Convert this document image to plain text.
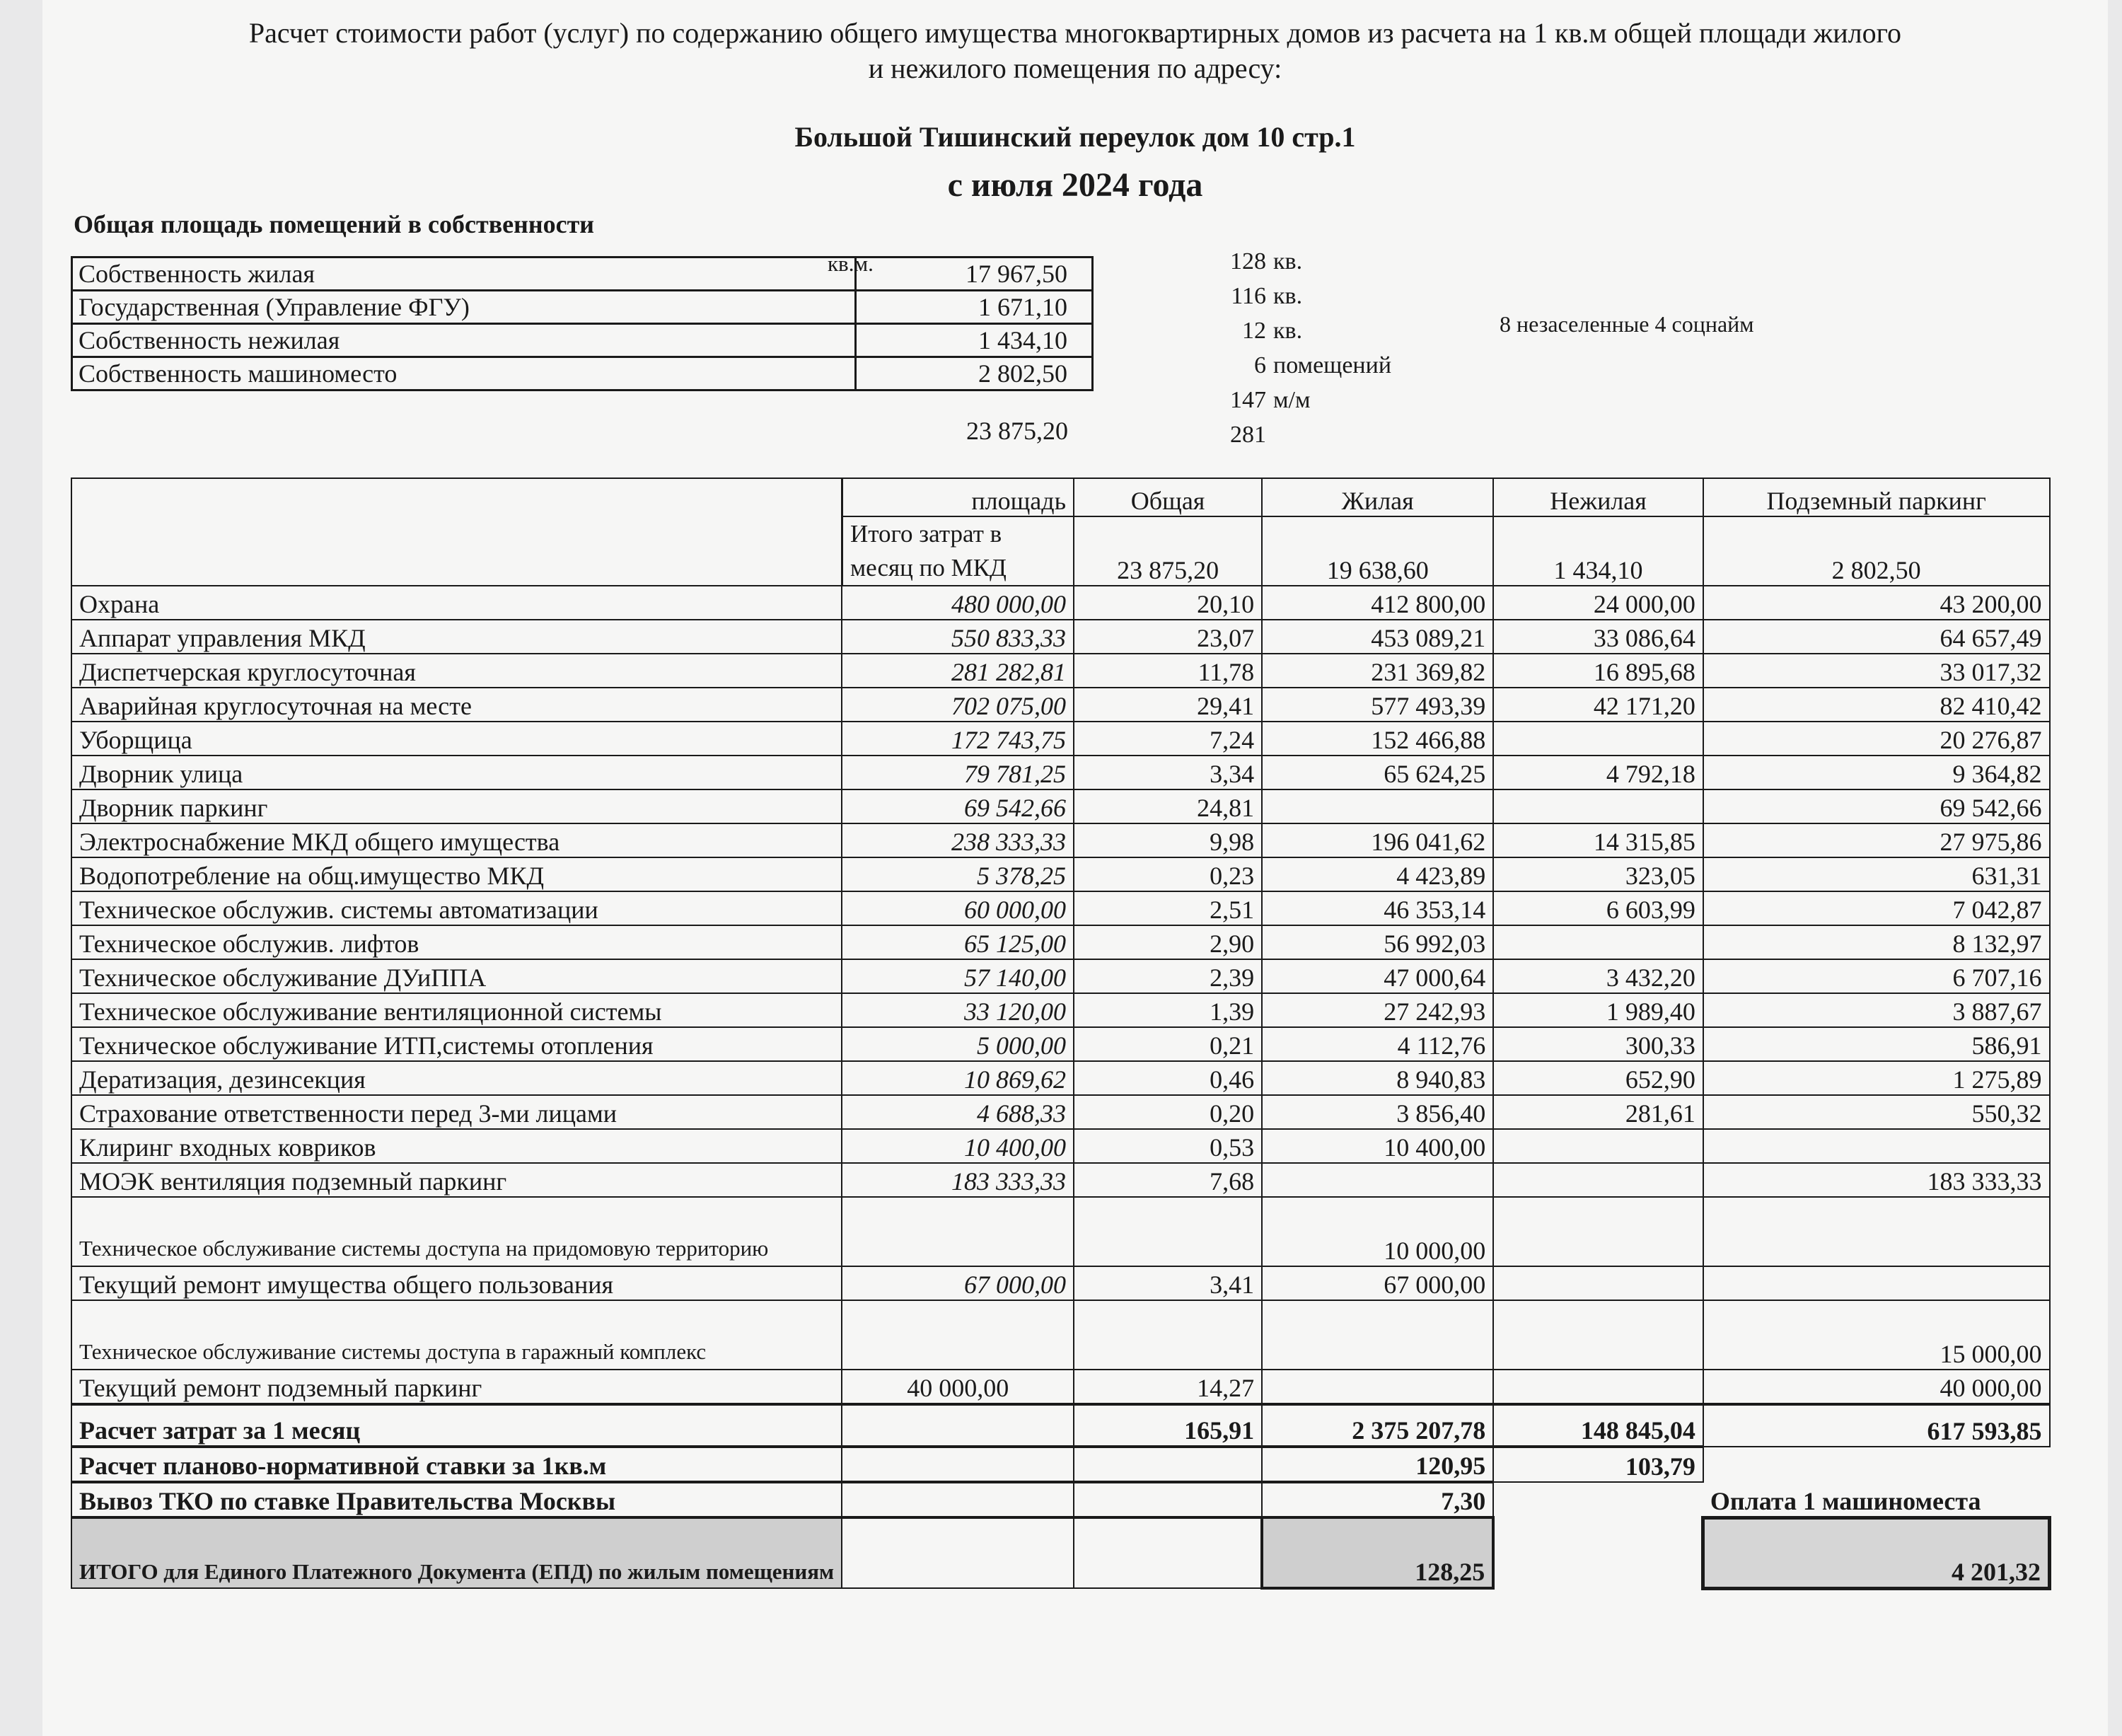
Расчет стоимости работ (услуг) по содержанию общего имущества многоквартирных домов из расчета на 1 кв.м общей площади жилого
и нежилого помещения по адресу:
Большой Тишинский переулок дом 10 стр.1
с июля 2024 года
Общая площадь помещений в собственности
кв.м.
Собственность жилая	17 967,50
Государственная (Управление ФГУ)	1 671,10
Собственность нежилая	1 434,10
Собственность машиноместо	2 802,50
23 875,20
128 кв.
116 кв.
12 кв.
6 помещений
147 м/м
281
8 незаселенные 4 соцнайм
	площадь	Общая	Жилая	Нежилая	Подземный паркинг
	Итого затрат в месяц по МКД	23 875,20	19 638,60	1 434,10	2 802,50
Охрана	480 000,00	20,10	412 800,00	24 000,00	43 200,00
Аппарат управления МКД	550 833,33	23,07	453 089,21	33 086,64	64 657,49
Диспетчерская круглосуточная	281 282,81	11,78	231 369,82	16 895,68	33 017,32
Аварийная круглосуточная на месте	702 075,00	29,41	577 493,39	42 171,20	82 410,42
Уборщица	172 743,75	7,24	152 466,88		20 276,87
Дворник улица	79 781,25	3,34	65 624,25	4 792,18	9 364,82
Дворник паркинг	69 542,66	24,81			69 542,66
Электроснабжение МКД общего имущества	238 333,33	9,98	196 041,62	14 315,85	27 975,86
Водопотребление на общ.имущество МКД	5 378,25	0,23	4 423,89	323,05	631,31
Техническое обслужив. системы автоматизации	60 000,00	2,51	46 353,14	6 603,99	7 042,87
Техническое обслужив. лифтов	65 125,00	2,90	56 992,03		8 132,97
Техническое обслуживание ДУиППА	57 140,00	2,39	47 000,64	3 432,20	6 707,16
Техническое обслуживание вентиляционной системы	33 120,00	1,39	27 242,93	1 989,40	3 887,67
Техническое обслуживание ИТП,системы отопления	5 000,00	0,21	4 112,76	300,33	586,91
Дератизация, дезинсекция	10 869,62	0,46	8 940,83	652,90	1 275,89
Страхование ответственности перед 3-ми лицами	4 688,33	0,20	3 856,40	281,61	550,32
Клиринг входных ковриков	10 400,00	0,53	10 400,00		
МОЭК вентиляция подземный паркинг	183 333,33	7,68			183 333,33
Техническое обслуживание системы доступа на придомовую территорию			10 000,00		
Текущий ремонт имущества общего пользования	67 000,00	3,41	67 000,00		
Техническое обслуживание системы доступа в гаражный комплекс					15 000,00
Текущий ремонт подземный паркинг	40 000,00	14,27			40 000,00
Расчет затрат за 1 месяц		165,91	2 375 207,78	148 845,04	617 593,85
Расчет планово-нормативной ставки за 1кв.м			120,95	103,79	
Вывоз ТКО по ставке Правительства Москвы			7,30		Оплата 1 машиноместа
ИТОГО для Единого Платежного Документа (ЕПД) по жилым помещениям			128,25		4 201,32
